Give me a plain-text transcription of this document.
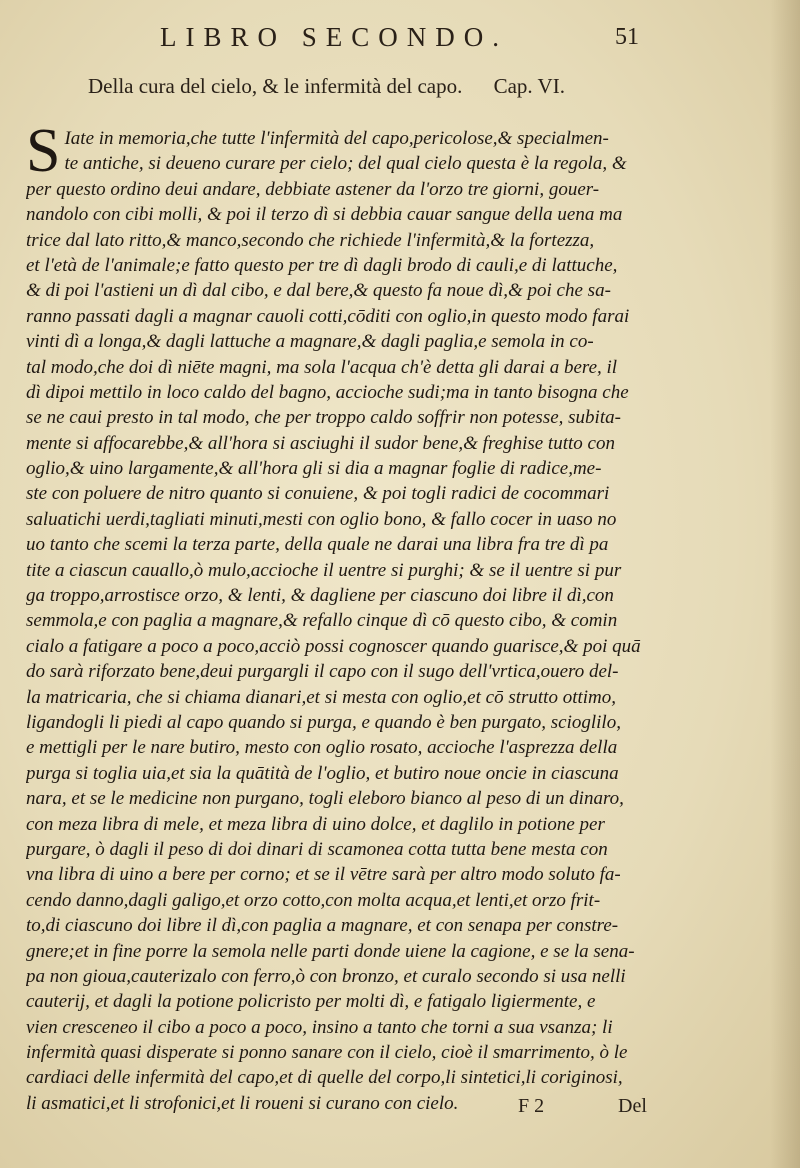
LIBRO SECONDO.	51
Della cura del cielo, & le infermità del capo. Cap. VI.
S Iate in memoria,che tutte l'infermità del capo,pericolose,& specialmen-
te antiche, si deueno curare per cielo; del qual cielo questa è la regola, &
per questo ordino deui andare, debbiate astener da l'orzo tre giorni, gouer-
nandolo con cibi molli, & poi il terzo dì si debbia cauar sangue della uena ma
trice dal lato ritto,& manco,secondo che richiede l'infermità,& la fortezza,
et l'età de l'animale;e fatto questo per tre dì dagli brodo di cauli,e di lattuche,
& di poi l'astieni un dì dal cibo, e dal bere,& questo fa noue dì,& poi che sa-
ranno passati dagli a magnar cauoli cotti,cōditi con oglio,in questo modo farai
vinti dì a longa,& dagli lattuche a magnare,& dagli paglia,e semola in co-
tal modo,che doi dì niēte magni, ma sola l'acqua ch'è detta gli darai a bere, il
dì dipoi mettilo in loco caldo del bagno, accioche sudi;ma in tanto bisogna che
se ne caui presto in tal modo, che per troppo caldo soffrir non potesse, subita-
mente si affocarebbe,& all'hora si asciughi il sudor bene,& freghise tutto con
oglio,& uino largamente,& all'hora gli si dia a magnar foglie di radice,me-
ste con poluere de nitro quanto si conuiene, & poi togli radici de cocommari
saluatichi uerdi,tagliati minuti,mesti con oglio bono, & fallo cocer in uaso no
uo tanto che scemi la terza parte, della quale ne darai una libra fra tre dì pa
tite a ciascun cauallo,ò mulo,accioche il uentre si purghi; & se il uentre si pur
ga troppo,arrostisce orzo, & lenti, & dagliene per ciascuno doi libre il dì,con
semmola,e con paglia a magnare,& refallo cinque dì cō questo cibo, & comin
cialo a fatigare a poco a poco,acciò possi cognoscer quando guarisce,& poi quā
do sarà riforzato bene,deui purgargli il capo con il sugo dell'vrtica,ouero del-
la matricaria, che si chiama dianari,et si mesta con oglio,et cō strutto ottimo,
ligandogli li piedi al capo quando si purga, e quando è ben purgato, scioglilo,
e mettigli per le nare butiro, mesto con oglio rosato, accioche l'asprezza della
purga si toglia uia,et sia la quātità de l'oglio, et butiro noue oncie in ciascuna
nara, et se le medicine non purgano, togli eleboro bianco al peso di un dinaro,
con meza libra di mele, et meza libra di uino dolce, et daglilo in potione per
purgare, ò dagli il peso di doi dinari di scamonea cotta tutta bene mesta con
vna libra di uino a bere per corno; et se il vētre sarà per altro modo soluto fa-
cendo danno,dagli galigo,et orzo cotto,con molta acqua,et lenti,et orzo frit-
to,di ciascuno doi libre il dì,con paglia a magnare, et con senapa per constre-
gnere;et in fine porre la semola nelle parti donde uiene la cagione, e se la sena-
pa non gioua,cauterizalo con ferro,ò con bronzo, et curalo secondo si usa nelli
cauterij, et dagli la potione policristo per molti dì, e fatigalo ligiermente, e
vien cresceneo il cibo a poco a poco, insino a tanto che torni a sua vsanza; li
infermità quasi disperate si ponno sanare con il cielo, cioè il smarrimento, ò le
cardiaci delle infermità del capo,et di quelle del corpo,li sintetici,li coriginosi,
li asmatici,et li strofonici,et li roueni si curano con cielo.	F 2	Del
